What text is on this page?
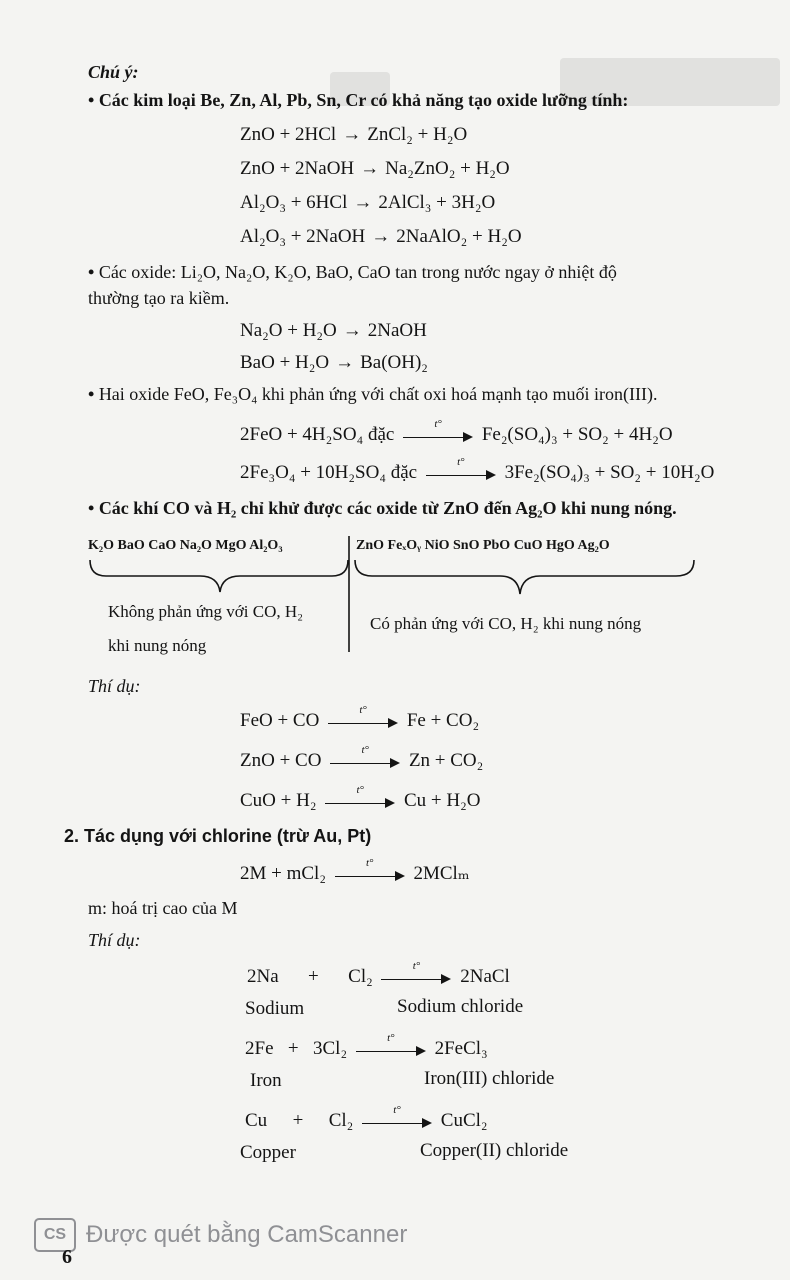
Chú ý:
• Các kim loại Be, Zn, Al, Pb, Sn, Cr có khả năng tạo oxide lưỡng tính:
ZnO + 2HCl → ZnCl₂ + H₂O
ZnO + 2NaOH → Na₂ZnO₂ + H₂O
Al₂O₃ + 6HCl → 2AlCl₃ + 3H₂O
Al₂O₃ + 2NaOH → 2NaAlO₂ + H₂O
• Các oxide: Li₂O, Na₂O, K₂O, BaO, CaO tan trong nước ngay ở nhiệt độ
thường tạo ra kiềm.
Na₂O + H₂O → 2NaOH
BaO + H₂O → Ba(OH)₂
• Hai oxide FeO, Fe₃O₄ khi phản ứng với chất oxi hoá mạnh tạo muối iron(III).
2FeO + 4H₂SO₄ đặc
t°
Fe₂(SO₄)₃ + SO₂ + 4H₂O
2Fe₃O₄ + 10H₂SO₄ đặc
t°
3Fe₂(SO₄)₃ + SO₂ + 10H₂O
• Các khí CO và H₂ chỉ khử được các oxide từ ZnO đến Ag₂O khi nung nóng.
K₂O BaO CaO Na₂O MgO Al₂O₃	ZnO FeₓOᵧ NiO SnO PbO CuO HgO Ag₂O
Không phản ứng với CO, H₂
khi nung nóng
Có phản ứng với CO, H₂ khi nung nóng
Thí dụ:
FeO + CO
t°
Fe + CO₂
ZnO + CO
t°
Zn + CO₂
CuO + H₂
t°
Cu + H₂O
2. Tác dụng với chlorine (trừ Au, Pt)
2M + mCl₂
t°
2MClₘ
m: hoá trị cao của M
Thí dụ:
2Na + Cl₂
t°
2NaCl
Sodium	Sodium chloride
2Fe + 3Cl₂
t°
2FeCl₃
Iron	Iron(III) chloride
Cu + Cl₂
t°
CuCl₂
Copper	Copper(II) chloride
CS Được quét bằng CamScanner
6
